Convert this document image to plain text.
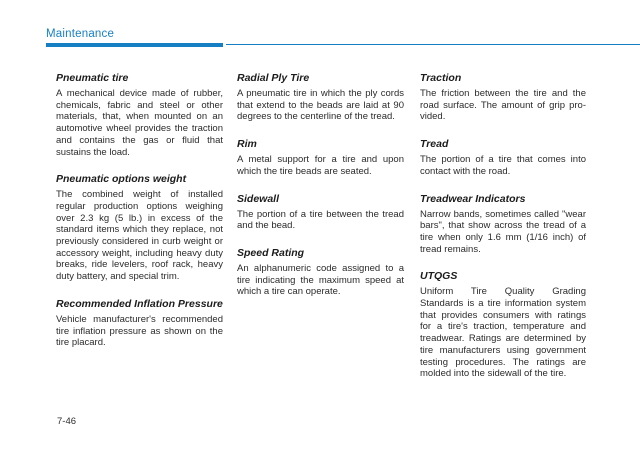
Maintenance
Pneumatic tire

A mechanical device made of rubber, chemicals, fabric and steel or other materials, that, when mounted on an automotive wheel provides the traction and contains the gas or fluid that sustains the load.

Pneumatic options weight

The combined weight of installed regular production options weighing over 2.3 kg (5 lb.) in excess of the standard items which they replace, not previously considered in curb weight or accessory weight, including heavy duty breaks, ride levelers, roof rack, heavy duty battery, and special trim.

Recommended Inflation Pressure

Vehicle manufacturer's recommended tire inflation pressure as shown on the tire placard.

Radial Ply Tire

A pneumatic tire in which the ply cords that extend to the beads are laid at 90 degrees to the centerline of the tread.

Rim

A metal support for a tire and upon which the tire beads are seated.

Sidewall

The portion of a tire between the tread and the bead.

Speed Rating

An alphanumeric code assigned to a tire indicating the maximum speed at which a tire can operate.

Traction

The friction between the tire and the road surface. The amount of grip provided.

Tread

The portion of a tire that comes into contact with the road.

Treadwear Indicators

Narrow bands, sometimes called "wear bars", that show across the tread of a tire when only 1.6 mm (1/16 inch) of tread remains.

UTQGS

Uniform Tire Quality Grading Standards is a tire information system that provides consumers with ratings for a tire's traction, temperature and treadwear. Ratings are determined by tire manufacturers using government testing procedures. The ratings are molded into the sidewall of the tire.

7-46
